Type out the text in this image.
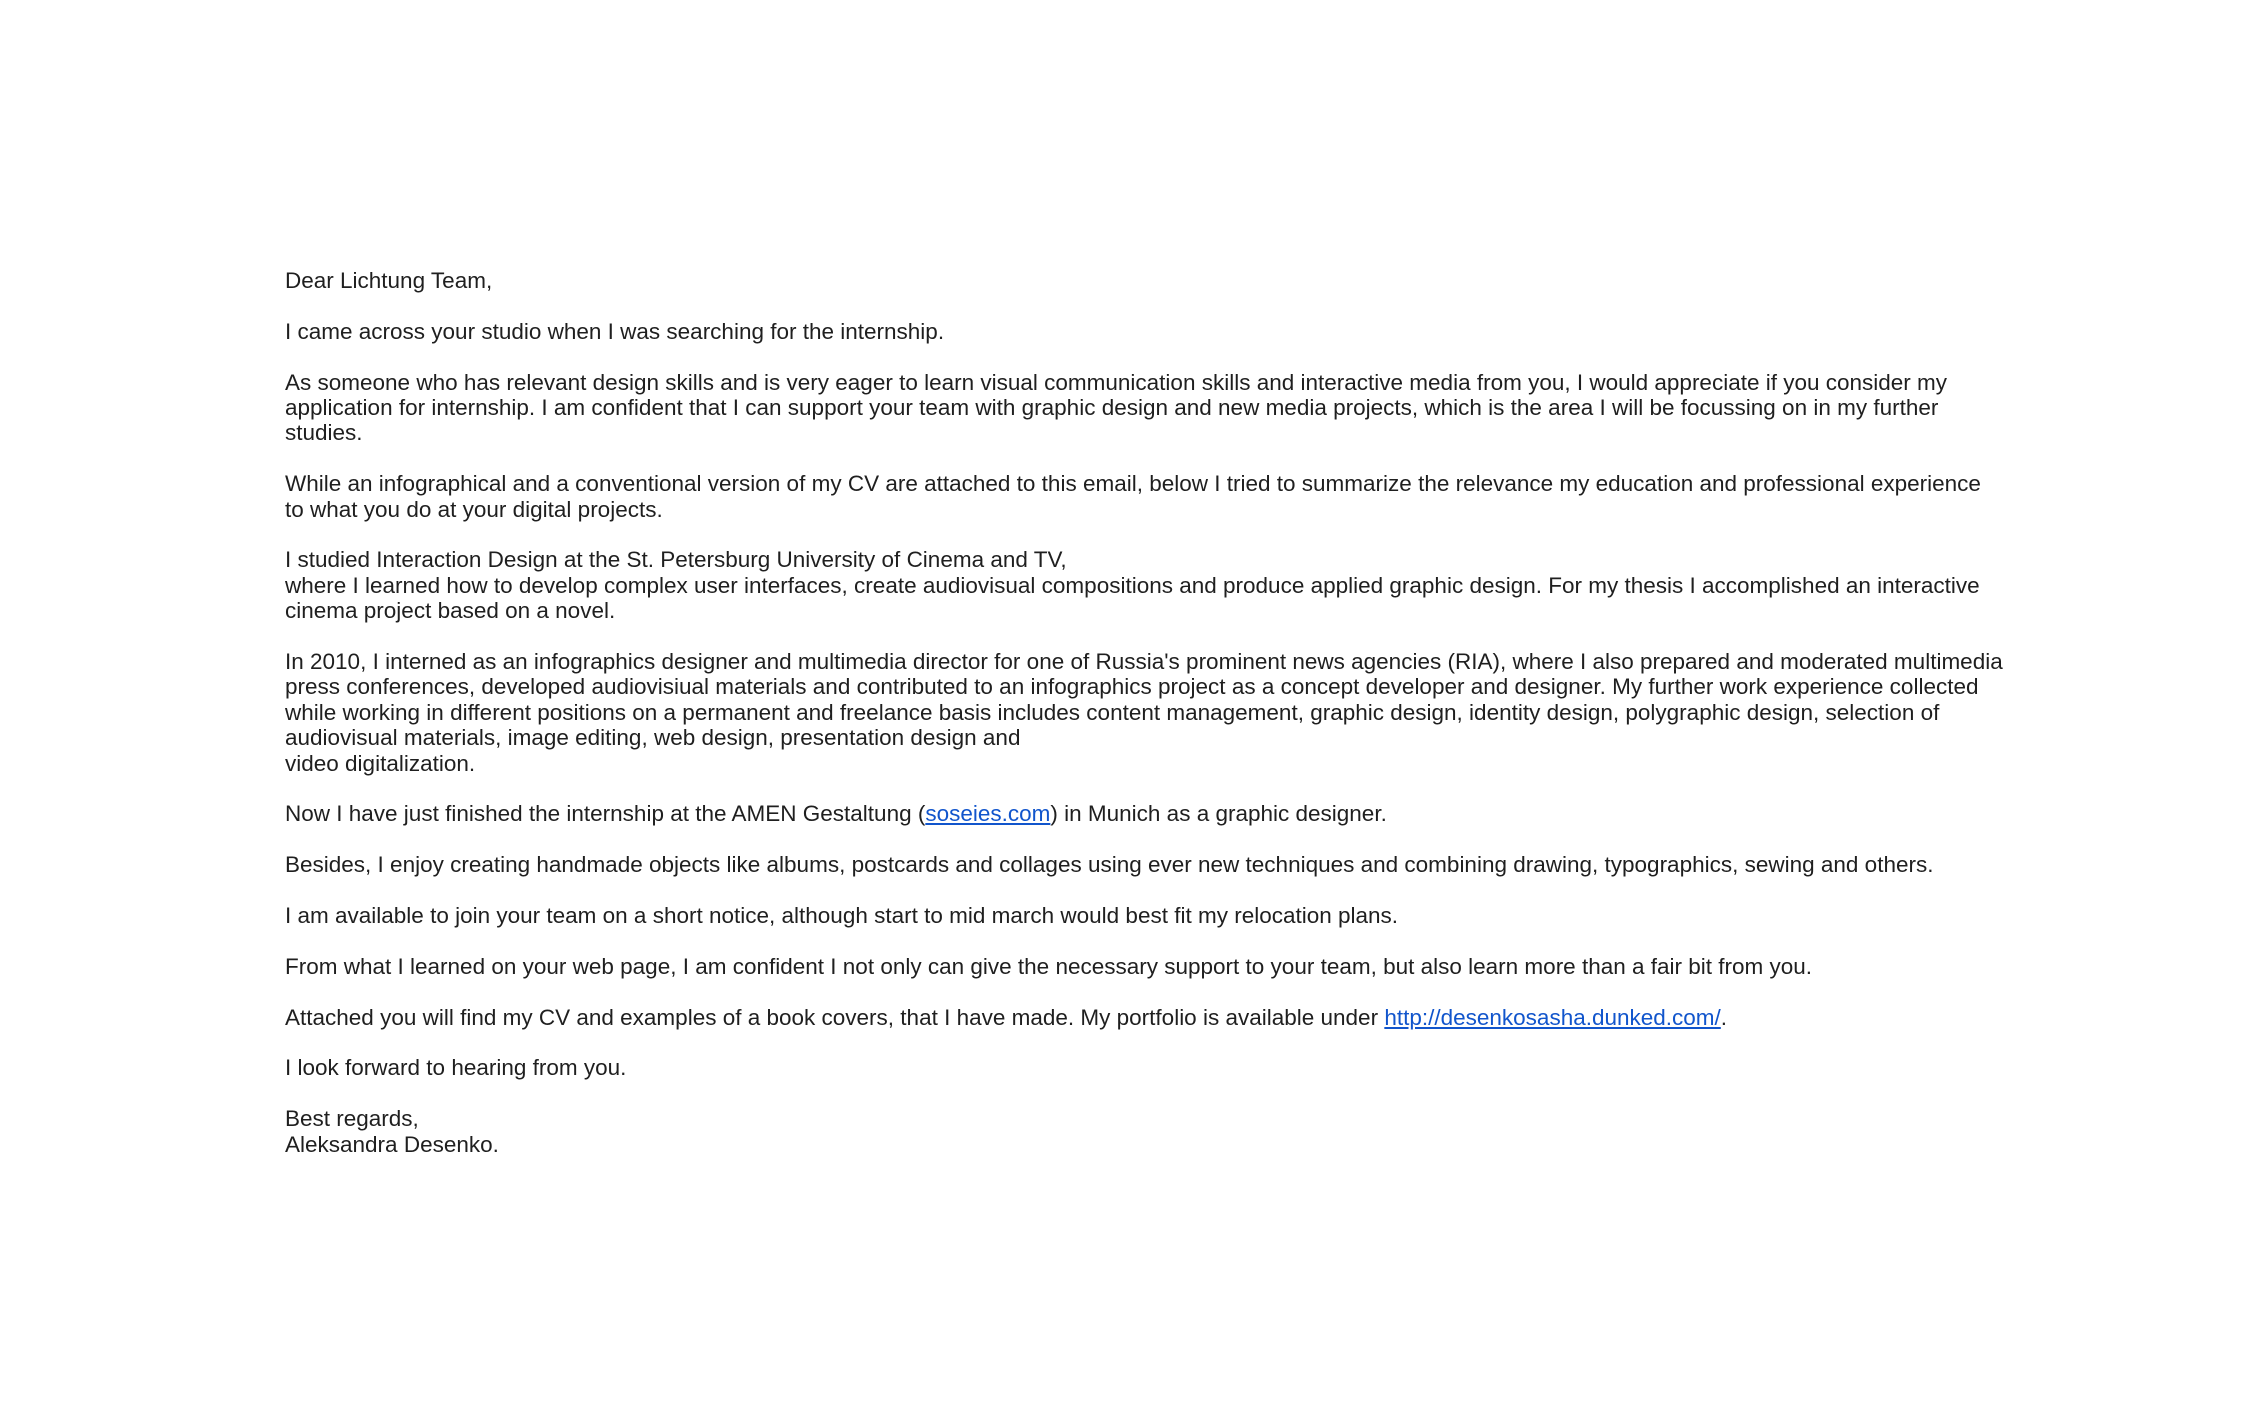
Dear Lichtung Team,

I came across your studio when I was searching for the internship.

As someone who has relevant design skills and is very eager to learn visual communication skills and interactive media from you, I would appreciate if you consider my application for internship. I am confident that I can support your team with graphic design and new media projects, which is the area I will be focussing on in my further studies.

While an infographical and a conventional version of my CV are attached to this email, below I tried to summarize the relevance my education and professional experience to what you do at your digital projects.

I studied Interaction Design at the St. Petersburg University of Cinema and TV,
where I learned how to develop complex user interfaces, create audiovisual compositions and produce applied graphic design. For my thesis I accomplished an interactive cinema project based on a novel.

In 2010, I interned as an infographics designer and multimedia director for one of Russia's prominent news agencies (RIA), where I also prepared and moderated multimedia press conferences, developed audiovisiual materials and contributed to an infographics project as a concept developer and designer. My further work experience collected while working in different positions on a permanent and freelance basis includes content management, graphic design, identity design, polygraphic design, selection of audiovisual materials, image editing, web design, presentation design and
video digitalization.

Now I have just finished the internship at the AMEN Gestaltung (soseies.com) in Munich as a graphic designer.

Besides, I enjoy creating handmade objects like albums, postcards and collages using ever new techniques and combining drawing, typographics, sewing and others.

I am available to join your team on a short notice, although start to mid march would best fit my relocation plans.

From what I learned on your web page, I am confident I not only can give the necessary support to your team, but also learn more than a fair bit from you.

Attached you will find my CV and examples of a book covers, that I have made. My portfolio is available under http://desenkosasha.dunked.com/.

I look forward to hearing from you.

Best regards,
Aleksandra Desenko.
